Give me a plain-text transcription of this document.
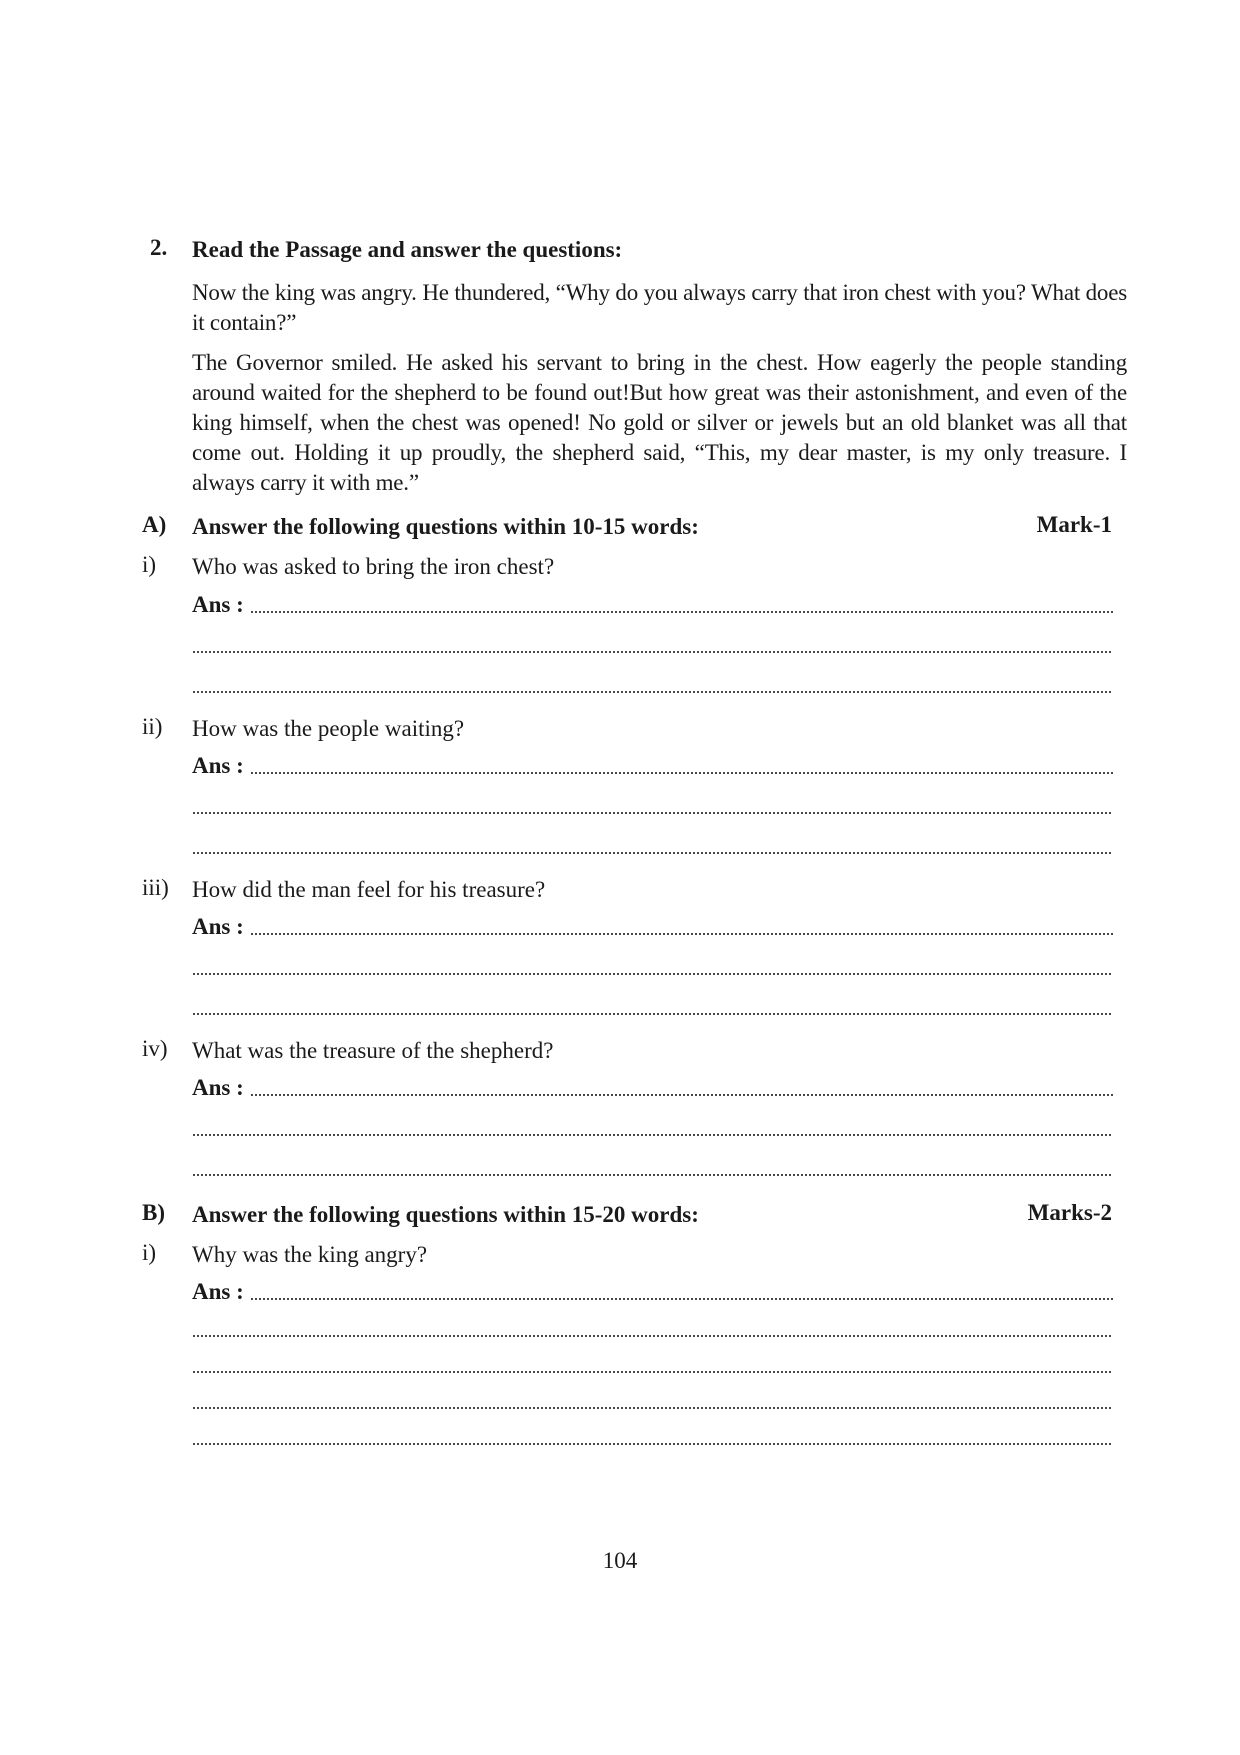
2. Read the Passage and answer the questions:
Now the king was angry. He thundered, “Why do you always carry that iron chest with you? What does it contain?”
The Governor smiled. He asked his servant to bring in the chest. How eagerly the people standing around waited for the shepherd to be found out!But how great was their astonishment, and even of the king himself, when the chest was opened! No gold or silver or jewels but an old blanket was all that come out. Holding it up proudly, the shepherd said, “This, my dear master, is my only treasure. I always carry it with me.”
A) Answer the following questions within 10-15 words:	Mark-1
i) Who was asked to bring the iron chest?
Ans :
ii) How was the people waiting?
Ans :
iii) How did the man feel for his treasure?
Ans :
iv) What was the treasure of the shepherd?
Ans :
B) Answer the following questions within 15-20 words:	Marks-2
i) Why was the king angry?
Ans :
104
